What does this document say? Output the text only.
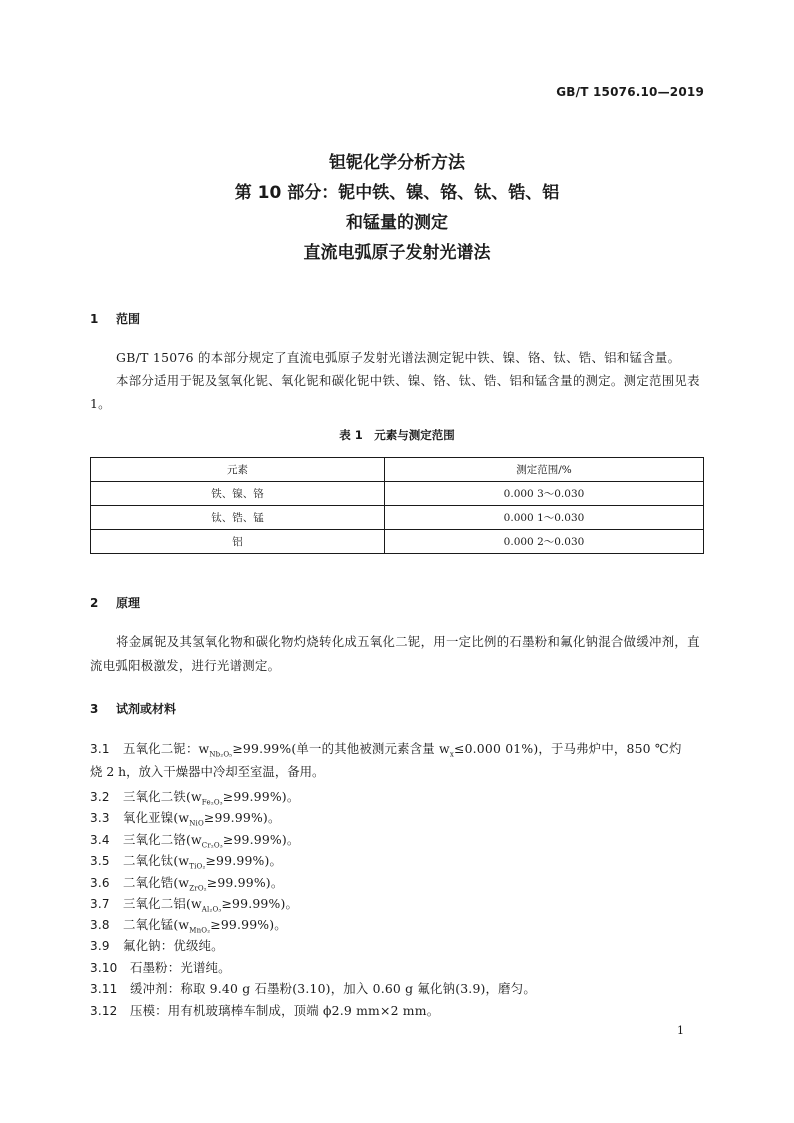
GB/T 15076.10—2019
钽铌化学分析方法
第 10 部分：铌中铁、镍、铬、钛、锆、铝
和锰量的测定
直流电弧原子发射光谱法
1 范围
GB/T 15076 的本部分规定了直流电弧原子发射光谱法测定铌中铁、镍、铬、钛、锆、铝和锰含量。
本部分适用于铌及氢氧化铌、氧化铌和碳化铌中铁、镍、铬、钛、锆、铝和锰含量的测定。测定范围见表 1。
表 1　元素与测定范围
元素	测定范围/%
铁、镍、铬	0.000 3～0.030
钛、锆、锰	0.000 1～0.030
铝	0.000 2～0.030
2 原理
将金属铌及其氢氧化物和碳化物灼烧转化成五氧化二铌，用一定比例的石墨粉和氟化钠混合做缓冲剂，直流电弧阳极激发，进行光谱测定。
3 试剂或材料
3.1 五氧化二铌：$w_{Nb_2O_5}\ge 99.99\%$(单一的其他被测元素含量 $w_x\le 0.000$ 01%)，于马弗炉中，850 ℃灼
烧 2 h，放入干燥器中冷却至室温，备用。
3.2 三氧化二铁$(w_{Fe_2O_3}\ge 99.99\%)$。
3.3 氧化亚镍$(w_{NiO}\ge 99.99\%)$。
3.4 三氧化二铬$(w_{Cr_2O_3}\ge 99.99\%)$。
3.5 二氧化钛$(w_{TiO_2}\ge 99.99\%)$。
3.6 二氧化锆$(w_{ZrO_2}\ge 99.99\%)$。
3.7 三氧化二铝$(w_{Al_2O_3}\ge 99.99\%)$。
3.8 二氧化锰$(w_{MnO_2}\ge 99.99\%)$。
3.9 氟化钠：优级纯。
3.10 石墨粉：光谱纯。
3.11 缓冲剂：称取 9.40 g 石墨粉(3.10)，加入 0.60 g 氟化钠(3.9)，磨匀。
3.12 压模：用有机玻璃棒车制成，顶端 ϕ2.9 mm×2 mm。
1
